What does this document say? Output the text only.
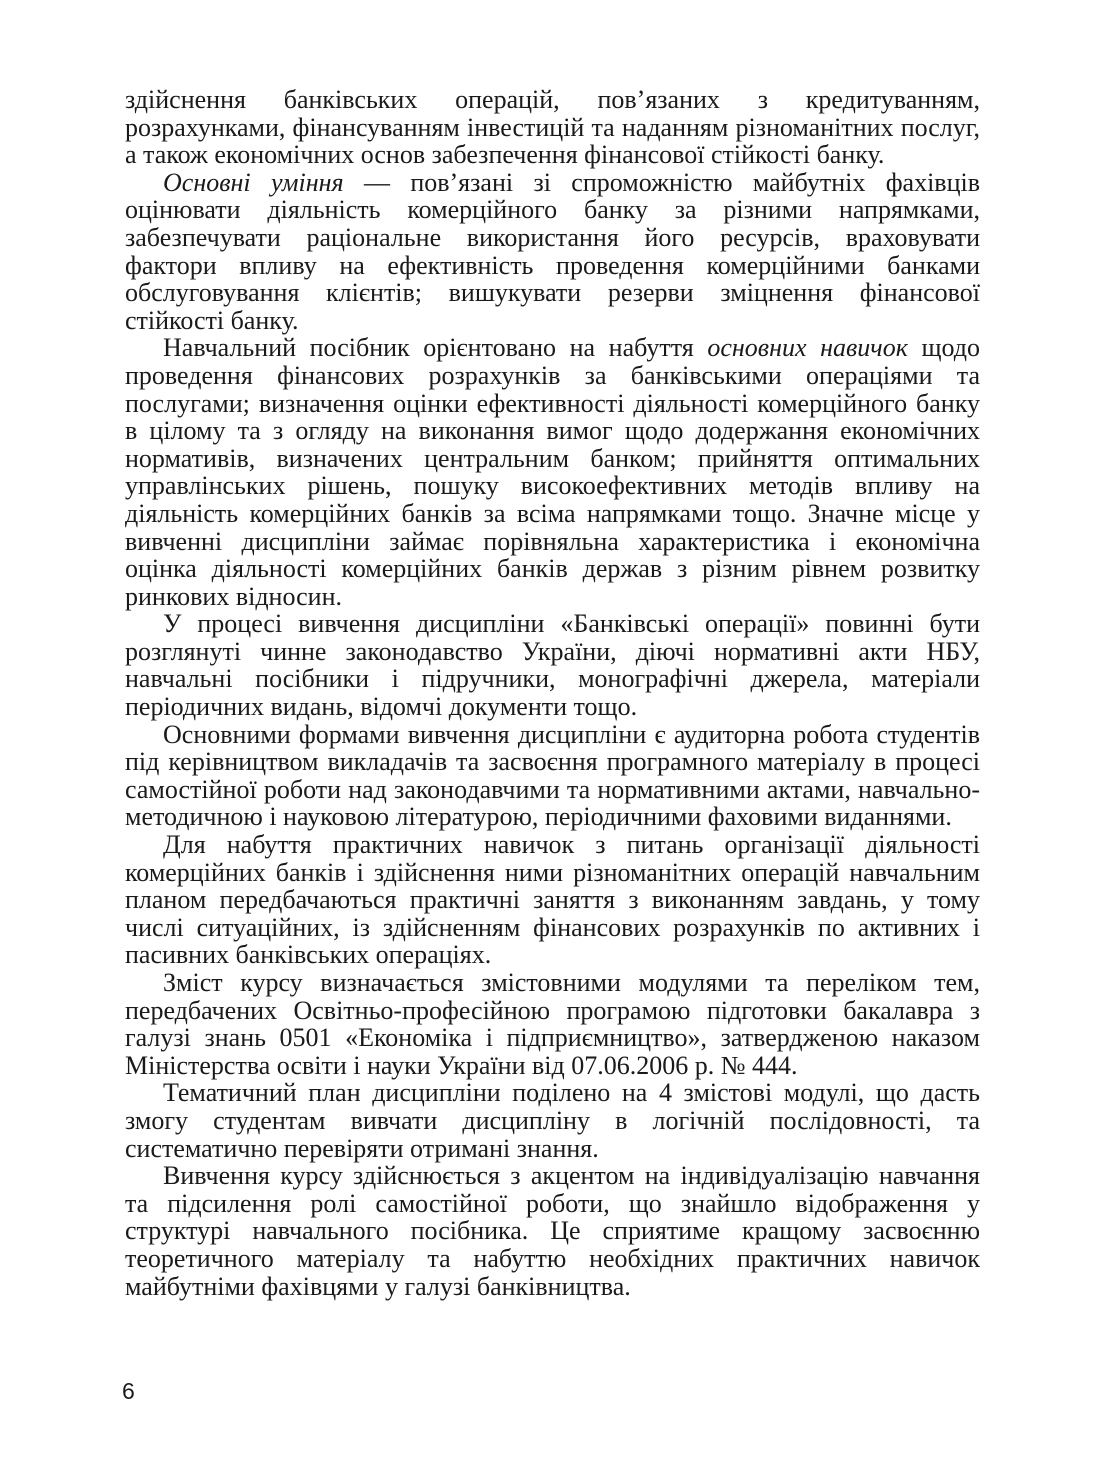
здійснення банківських операцій, пов’язаних з кредитуванням, розрахунками, фінансуванням інвестицій та наданням різноманітних послуг, а також економічних основ забезпечення фінансової стійкості банку.

Основні уміння — пов’язані зі спроможністю майбутніх фахівців оцінювати діяльність комерційного банку за різними напрямками, забезпечувати раціональне використання його ресурсів, враховувати фактори впливу на ефективність проведення комерційними банками обслуговування клієнтів; вишукувати резерви зміцнення фінансової стійкості банку.

Навчальний посібник орієнтовано на набуття основних навичок щодо проведення фінансових розрахунків за банківськими операціями та послугами; визначення оцінки ефективності діяльності комерційного банку в цілому та з огляду на виконання вимог щодо додержання економічних нормативів, визначених центральним банком; прийняття оптимальних управлінських рішень, пошуку високоефективних методів впливу на діяльність комерційних банків за всіма напрямками тощо. Значне місце у вивченні дисципліни займає порівняльна характеристика і економічна оцінка діяльності комерційних банків держав з різним рівнем розвитку ринкових відносин.

У процесі вивчення дисципліни «Банківські операції» повинні бути розглянуті чинне законодавство України, діючі нормативні акти НБУ, навчальні посібники і підручники, монографічні джерела, матеріали періодичних видань, відомчі документи тощо.

Основними формами вивчення дисципліни є аудиторна робота студентів під керівництвом викладачів та засвоєння програмного матеріалу в процесі самостійної роботи над законодавчими та нормативними актами, навчально-методичною і науковою літературою, періодичними фаховими виданнями.

Для набуття практичних навичок з питань організації діяльності комерційних банків і здійснення ними різноманітних операцій навчальним планом передбачаються практичні заняття з виконанням завдань, у тому числі ситуаційних, із здійсненням фінансових розрахунків по активних і пасивних банківських операціях.

Зміст курсу визначається змістовними модулями та переліком тем, передбачених Освітньо-професійною програмою підготовки бакалавра з галузі знань 0501 «Економіка і підприємництво», затвердженою наказом Міністерства освіти і науки України від 07.06.2006 р. № 444.

Тематичний план дисципліни поділено на 4 змістові модулі, що дасть змогу студентам вивчати дисципліну в логічній послідовності, та систематично перевіряти отримані знання.

Вивчення курсу здійснюється з акцентом на індивідуалізацію навчання та підсилення ролі самостійної роботи, що знайшло відображення у структурі навчального посібника. Це сприятиме кращому засвоєнню теоретичного матеріалу та набуттю необхідних практичних навичок майбутніми фахівцями у галузі банківництва.

6
